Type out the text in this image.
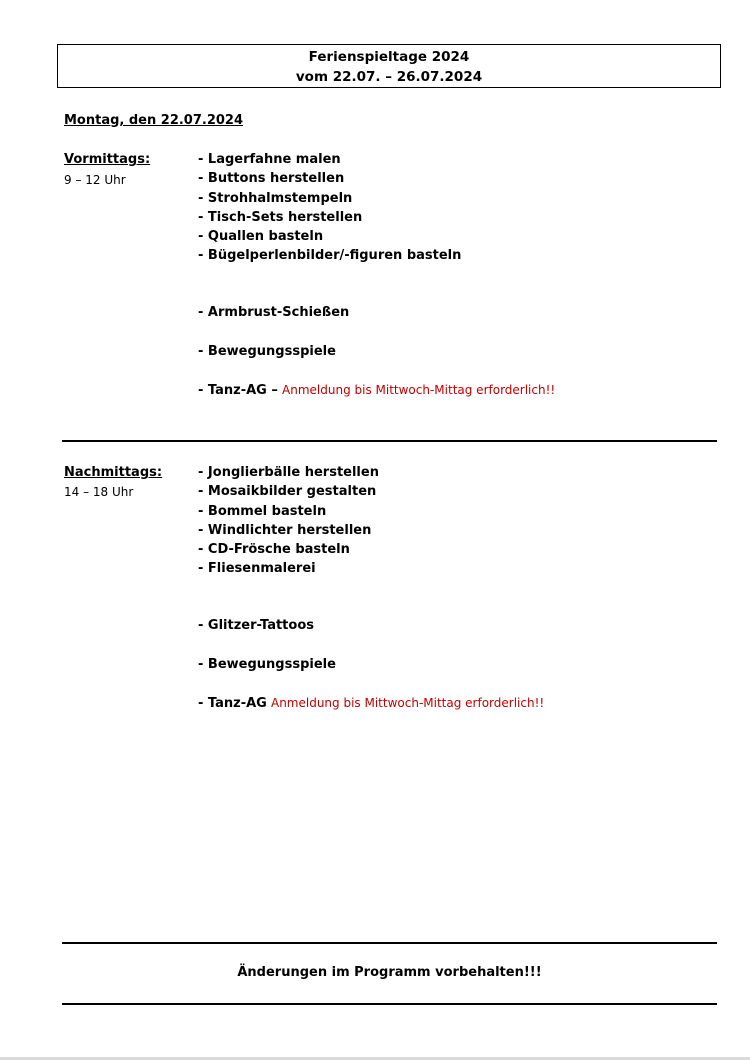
Ferienspieltage 2024
vom 22.07. – 26.07.2024
Montag, den 22.07.2024
Vormittags:
9 – 12 Uhr
- Lagerfahne malen
- Buttons herstellen
- Strohhalmstempeln
- Tisch-Sets herstellen
- Quallen basteln
- Bügelperlenbilder/-figuren basteln
- Armbrust-Schießen
- Bewegungsspiele
- Tanz-AG – Anmeldung bis Mittwoch-Mittag erforderlich!!
Nachmittags:
14 – 18 Uhr
- Jonglierbälle herstellen
- Mosaikbilder gestalten
- Bommel basteln
- Windlichter herstellen
- CD-Frösche basteln
- Fliesenmalerei
- Glitzer-Tattoos
- Bewegungsspiele
- Tanz-AG Anmeldung bis Mittwoch-Mittag erforderlich!!
Änderungen im Programm vorbehalten!!!
